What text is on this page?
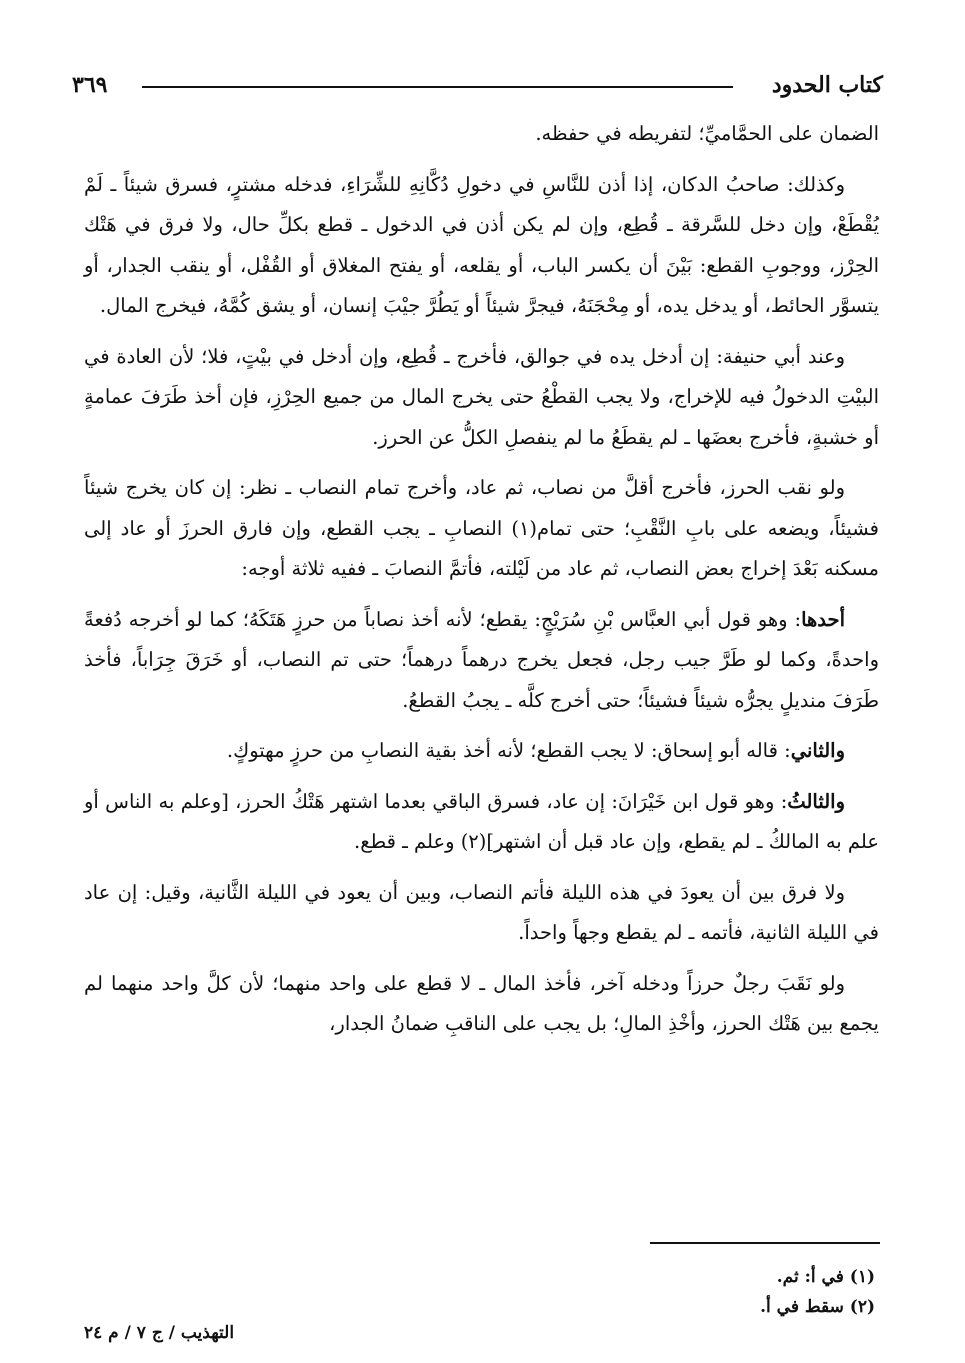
كتاب الحدود
٣٦٩

الضمان على الحمَّاميِّ؛ لتفريطه في حفظه.

وكذلك: صاحبُ الدكان، إذا أذن للنَّاسِ في دخولِ دُكَّانِهِ للشِّرَاءِ، فدخله مشترٍ، فسرق شيئاً ـ لَمْ يُقْطَعْ، وإن دخل للسَّرقة ـ قُطِع، وإن لم يكن أذن في الدخول ـ قطع بكلِّ حال، ولا فرق في هَتْك الحِرْز، ووجوبِ القطع: بَيْنَ أن يكسر الباب، أو يقلعه، أو يفتح المغلاق أو القُفْل، أو ينقب الجدار، أو يتسوَّر الحائط، أو يدخل يده، أو مِحْجَنَهُ، فيجرَّ شيئاً أو يَطُرَّ جيْبَ إنسان، أو يشق كُمَّهُ، فيخرج المال.

وعند أبي حنيفة: إن أدخل يده في جوالق، فأخرج ـ قُطِع، وإن أدخل في بيْتٍ، فلا؛ لأن العادة في البيْتِ الدخولُ فيه للإخراج، ولا يجب القطْعُ حتى يخرج المال من جميع الحِرْزِ، فإن أخذ طَرَفَ عمامةٍ أو خشبةٍ، فأخرج بعضَها ـ لم يقطَعُ ما لم ينفصلِ الكلُّ عن الحرز.

ولو نقب الحرز، فأخرج أقلَّ من نصاب، ثم عاد، وأخرج تمام النصاب ـ نظر: إن كان يخرج شيئاً فشيئاً، ويضعه على بابِ النَّقْبِ؛ حتى تمام(١) النصابِ ـ يجب القطع، وإن فارق الحرزَ أو عاد إلى مسكنه بَعْدَ إخراج بعض النصاب، ثم عاد من لَيْلته، فأتمَّ النصابَ ـ ففيه ثلاثة أوجه:

أحدها: وهو قول أبي العبَّاس بْنِ سُرَيْجٍ: يقطع؛ لأنه أخذ نصاباً من حرزٍ هَتَكَهُ؛ كما لو أخرجه دُفعةً واحدةً، وكما لو طَرَّ جيب رجل، فجعل يخرج درهماً درهماً؛ حتى تم النصاب، أو خَرَقَ جِرَاباً، فأخذ طَرَفَ منديلٍ يجرُّه شيئاً فشيئاً؛ حتى أخرج كلَّه ـ يجبُ القطعُ.

والثاني: قاله أبو إسحاق: لا يجب القطع؛ لأنه أخذ بقية النصابِ من حرزٍ مهتوكٍ.

والثالثُ: وهو قول ابن خَيْرَانَ: إن عاد، فسرق الباقي بعدما اشتهر هَتْكُ الحرز، [وعلم به الناس أو علم به المالكُ ـ لم يقطع، وإن عاد قبل أن اشتهر](٢) وعلم ـ قطع.

ولا فرق بين أن يعودَ في هذه الليلة فأتم النصاب، وبين أن يعود في الليلة الثَّانية، وقيل: إن عاد في الليلة الثانية، فأتمه ـ لم يقطع وجهاً واحداً.

ولو نَقَبَ رجلٌ حرزاً ودخله آخر، فأخذ المال ـ لا قطع على واحد منهما؛ لأن كلَّ واحد منهما لم يجمع بين هَتْك الحرز، وأخْذِ المالِ؛ بل يجب على الناقبِ ضمانُ الجدار،

(١) في أ: ثم.

(٢) سقط في أ.

التهذيب / ج ٧ / م ٢٤
